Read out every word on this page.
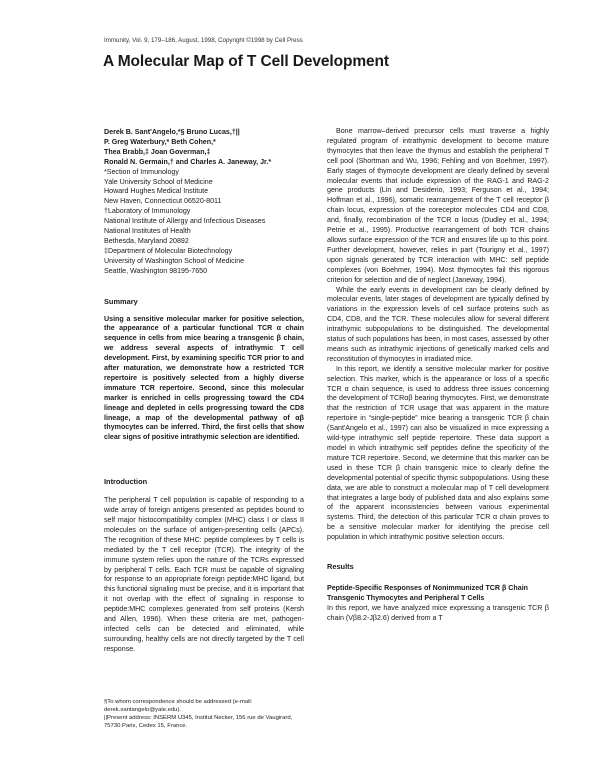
Immunity, Vol. 9, 179–186, August, 1998, Copyright ©1998 by Cell Press
A Molecular Map of T Cell Development

Derek B. Sant'Angelo,*§ Bruno Lucas,†||

P. Greg Waterbury,* Beth Cohen,*

Thea Brabb,‡ Joan Goverman,‡

Ronald N. Germain,† and Charles A. Janeway, Jr.*

*Section of Immunology

Yale University School of Medicine

Howard Hughes Medical Institute

New Haven, Connecticut 06520-8011

†Laboratory of Immunology

National Institute of Allergy and Infectious Diseases

National Institutes of Health

Bethesda, Maryland 20892

‡Department of Molecular Biotechnology

University of Washington School of Medicine

Seattle, Washington 98195-7650

Summary

Using a sensitive molecular marker for positive selection, the appearance of a particular functional TCR α chain sequence in cells from mice bearing a transgenic β chain, we address several aspects of intrathymic T cell development. First, by examining specific TCR prior to and after maturation, we demonstrate how a restricted TCR repertoire is positively selected from a highly diverse immature TCR repertoire. Second, since this molecular marker is enriched in cells progressing toward the CD4 lineage and depleted in cells progressing toward the CD8 lineage, a map of the developmental pathway of αβ thymocytes can be inferred. Third, the first cells that show clear signs of positive intrathymic selection are identified.

Introduction

The peripheral T cell population is capable of responding to a wide array of foreign antigens presented as peptides bound to self major histocompatibility complex (MHC) class I or class II molecules on the surface of antigen-presenting cells (APCs). The recognition of these MHC: peptide complexes by T cells is mediated by the T cell receptor (TCR). The integrity of the immune system relies upon the nature of the TCRs expressed by peripheral T cells. Each TCR must be capable of signaling for response to an appropriate foreign peptide:MHC ligand, but this functional signaling must be precise, and it is important that it not overlap with the effect of signaling in response to peptide:MHC complexes generated from self proteins (Kersh and Allen, 1996). When these criteria are met, pathogen-infected cells can be detected and eliminated, while surrounding, healthy cells are not directly targeted by the T cell response.

§To whom correspondence should be addressed (e-mail: derek.santangelo@yale.edu).

||Present address: INSERM U345, Institut Necker, 156 rue de Vaugirard, 75730 Paris, Cedex 15, France.

Bone marrow–derived precursor cells must traverse a highly regulated program of intrathymic development to become mature thymocytes that then leave the thymus and establish the peripheral T cell pool (Shortman and Wu, 1996; Fehling and von Boehmer, 1997). Early stages of thymocyte development are clearly defined by several molecular events that include expression of the RAG-1 and RAG-2 gene products (Lin and Desiderio, 1993; Ferguson et al., 1994; Hoffman et al., 1996), somatic rearrangement of the T cell receptor β chain locus, expression of the coreceptor molecules CD4 and CD8, and, finally, recombination of the TCR α locus (Dudley et al., 1994; Petrie et al., 1995). Productive rearrangement of both TCR chains allows surface expression of the TCR and ensures life up to this point. Further development, however, relies in part (Tourigny et al., 1997) upon signals generated by TCR interaction with MHC: self peptide complexes (von Boehmer, 1994). Most thymocytes fail this rigorous criterion for selection and die of neglect (Janeway, 1994).

While the early events in development can be clearly defined by molecular events, later stages of development are typically defined by variations in the expression levels of cell surface proteins such as CD4, CD8, and the TCR. These molecules allow for several different intrathymic subpopulations to be distinguished. The developmental status of such populations has been, in most cases, assessed by other means such as intrathymic injections of genetically marked cells and reconstitution of thymocytes in irradiated mice.

In this report, we identify a sensitive molecular marker for positive selection. This marker, which is the appearance or loss of a specific TCR α chain sequence, is used to address three issues concerning the development of TCRαβ bearing thymocytes. First, we demonstrate that the restriction of TCR usage that was apparent in the mature repertoire in “single-peptide” mice bearing a transgenic TCR β chain (Sant'Angelo et al., 1997) can also be visualized in mice expressing a wild-type intrathymic self peptide repertoire. These data support a model in which intrathymic self peptides define the specificity of the mature TCR repertoire. Second, we determine that this marker can be used in these TCR β chain transgenic mice to clearly define the developmental potential of specific thymic subpopulations. Using these data, we are able to construct a molecular map of T cell development that integrates a large body of published data and also explains some of the apparent inconsistencies between various experimental systems. Third, the detection of this particular TCR α chain proves to be a sensitive molecular marker for identifying the precise cell population in which intrathymic positive selection occurs.

Results

Peptide-Specific Responses of Nonimmunized TCR β Chain Transgenic Thymocytes and Peripheral T Cells

In this report, we have analyzed mice expressing a transgenic TCR β chain (Vβ8.2-Jβ2.6) derived from a T
